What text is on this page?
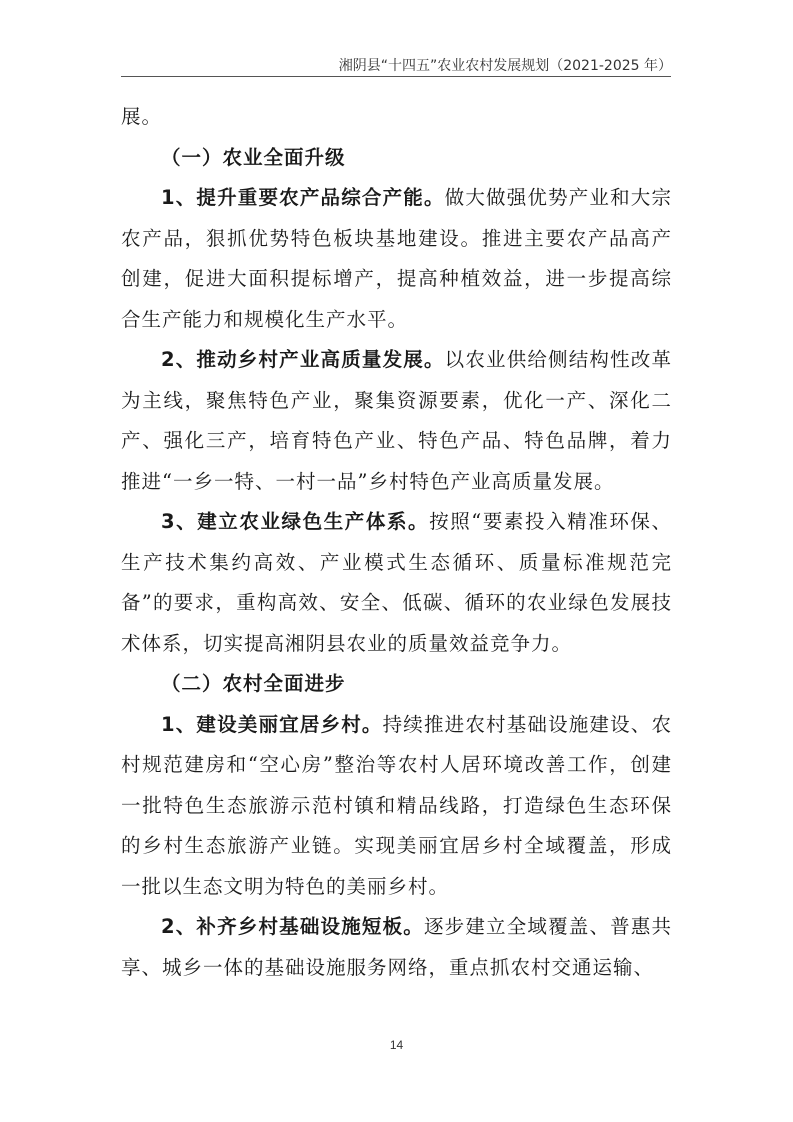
湘阴县“十四五”农业农村发展规划（2021-2025 年）

展。

（一）农业全面升级

1、提升重要农产品综合产能。做大做强优势产业和大宗农产品，狠抓优势特色板块基地建设。推进主要农产品高产创建，促进大面积提标增产，提高种植效益，进一步提高综合生产能力和规模化生产水平。

2、推动乡村产业高质量发展。以农业供给侧结构性改革为主线，聚焦特色产业，聚集资源要素，优化一产、深化二产、强化三产，培育特色产业、特色产品、特色品牌，着力推进“一乡一特、一村一品”乡村特色产业高质量发展。

3、建立农业绿色生产体系。按照“要素投入精准环保、生产技术集约高效、产业模式生态循环、质量标准规范完备”的要求，重构高效、安全、低碳、循环的农业绿色发展技术体系，切实提高湘阴县农业的质量效益竞争力。

（二）农村全面进步

1、建设美丽宜居乡村。持续推进农村基础设施建设、农村规范建房和“空心房”整治等农村人居环境改善工作，创建一批特色生态旅游示范村镇和精品线路，打造绿色生态环保的乡村生态旅游产业链。实现美丽宜居乡村全域覆盖，形成一批以生态文明为特色的美丽乡村。

2、补齐乡村基础设施短板。逐步建立全域覆盖、普惠共享、城乡一体的基础设施服务网络，重点抓农村交通运输、

14
